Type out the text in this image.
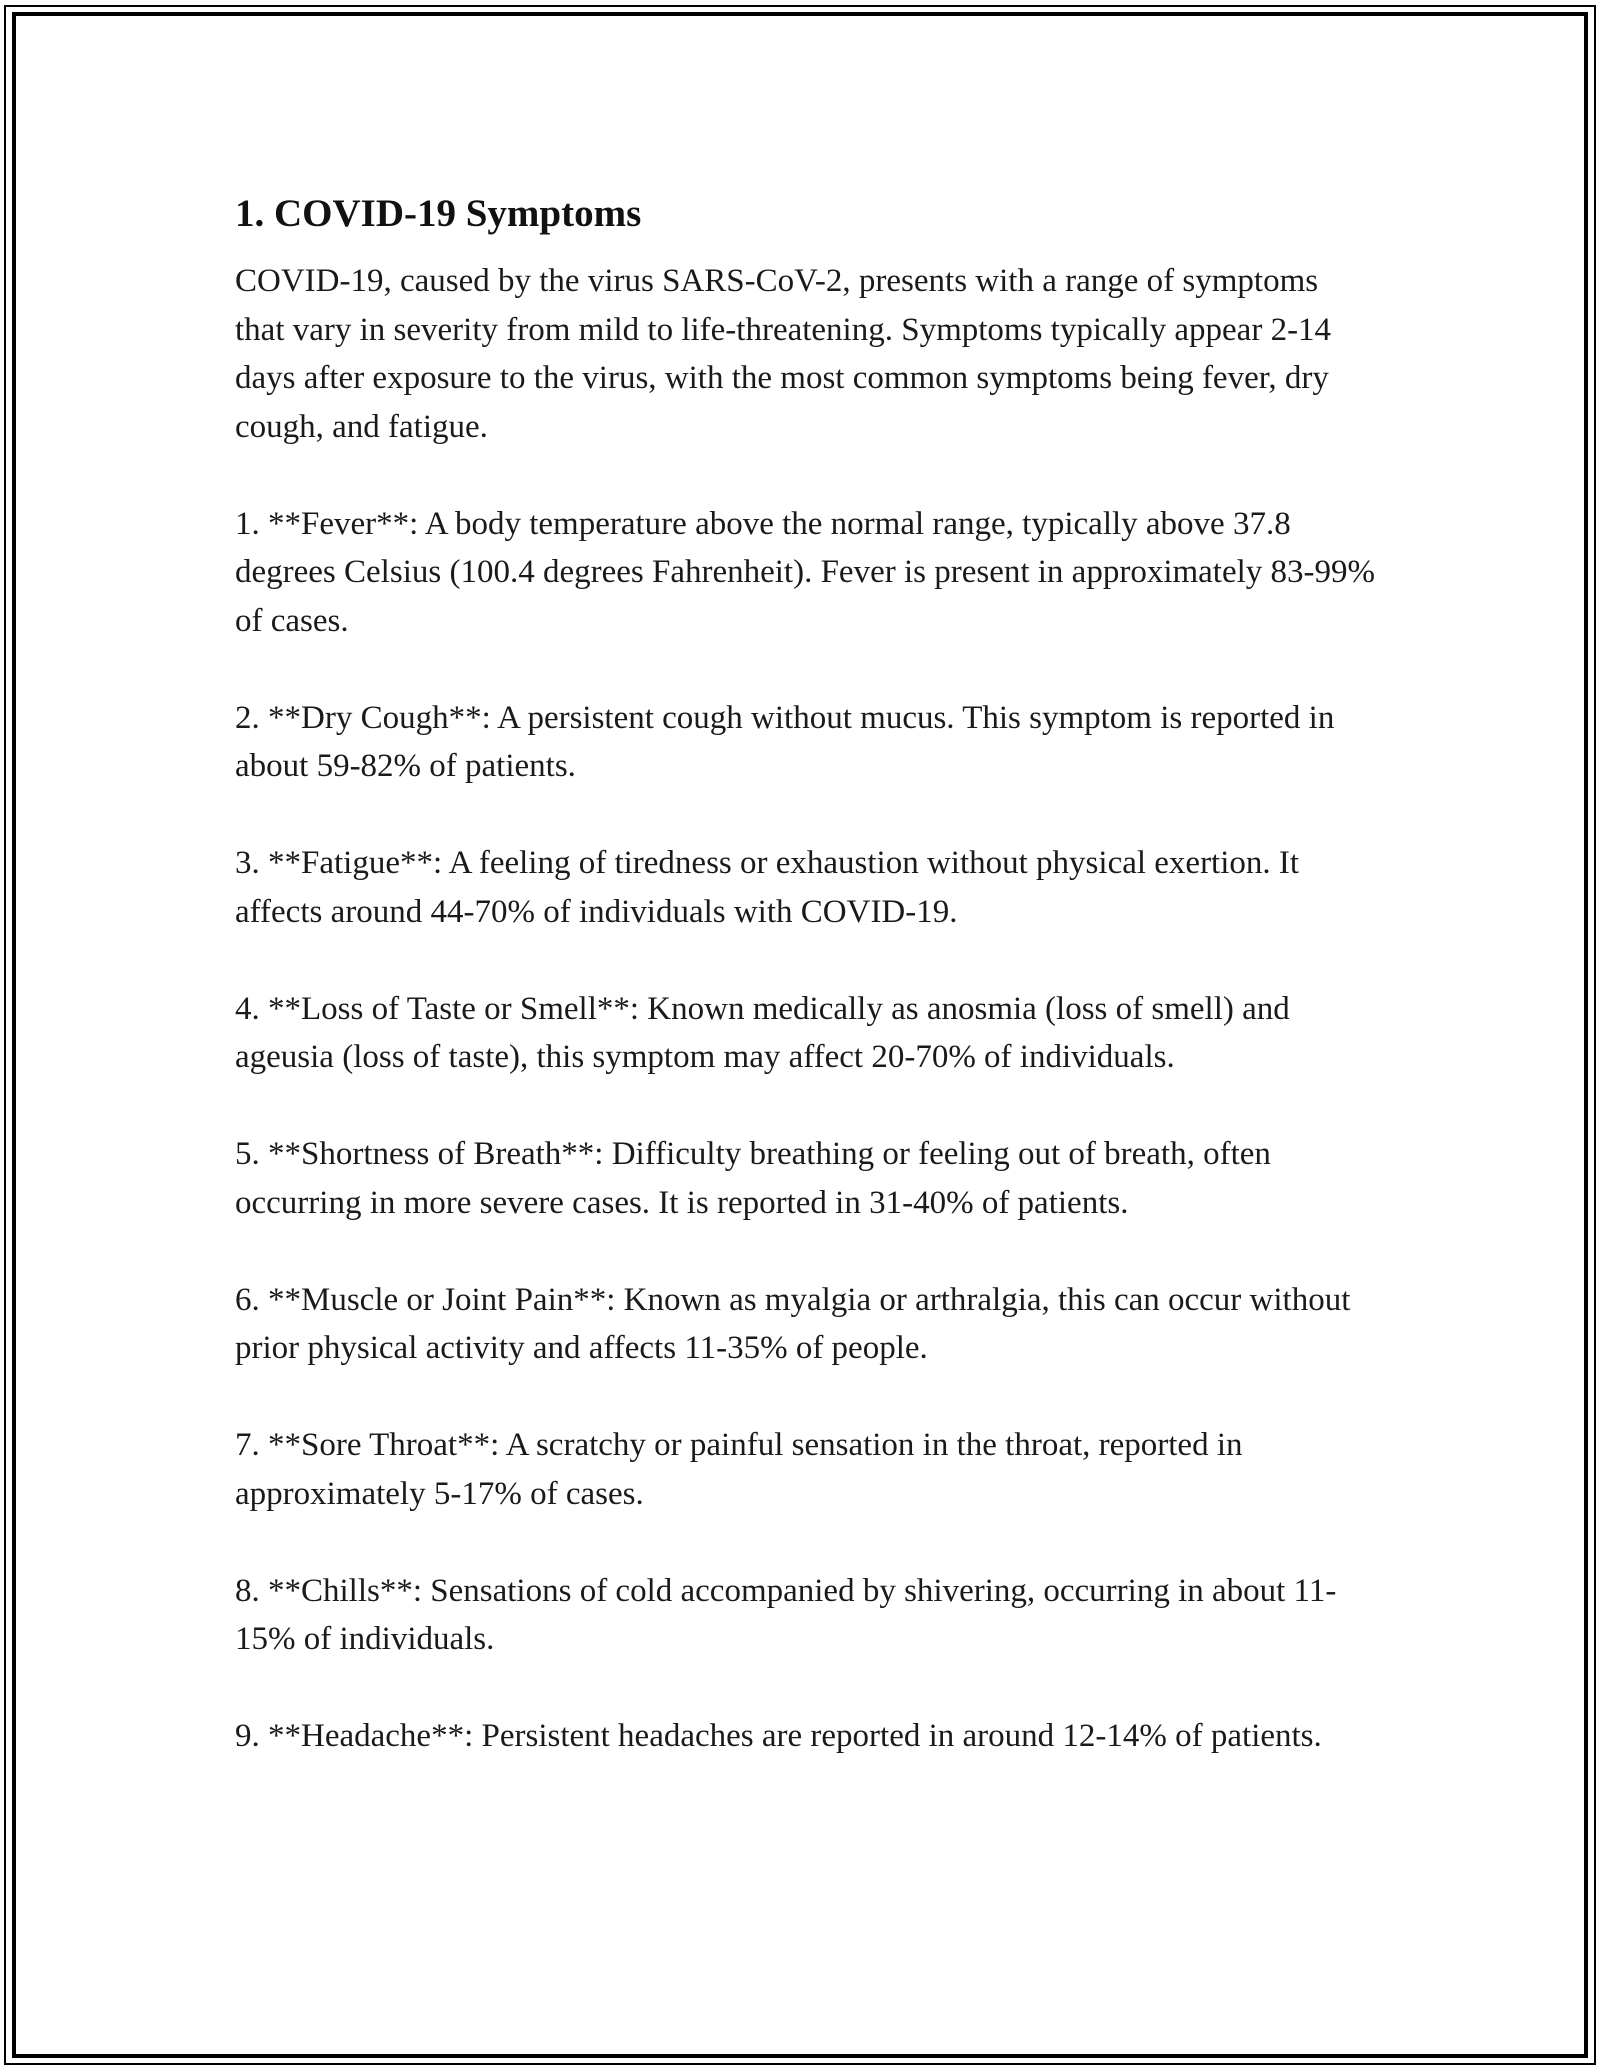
1. COVID-19 Symptoms

COVID-19, caused by the virus SARS-CoV-2, presents with a range of symptoms that vary in severity from mild to life-threatening. Symptoms typically appear 2-14 days after exposure to the virus, with the most common symptoms being fever, dry cough, and fatigue.

1. **Fever**: A body temperature above the normal range, typically above 37.8 degrees Celsius (100.4 degrees Fahrenheit). Fever is present in approximately 83-99% of cases.

2. **Dry Cough**: A persistent cough without mucus. This symptom is reported in about 59-82% of patients.

3. **Fatigue**: A feeling of tiredness or exhaustion without physical exertion. It affects around 44-70% of individuals with COVID-19.

4. **Loss of Taste or Smell**: Known medically as anosmia (loss of smell) and ageusia (loss of taste), this symptom may affect 20-70% of individuals.

5. **Shortness of Breath**: Difficulty breathing or feeling out of breath, often occurring in more severe cases. It is reported in 31-40% of patients.

6. **Muscle or Joint Pain**: Known as myalgia or arthralgia, this can occur without prior physical activity and affects 11-35% of people.

7. **Sore Throat**: A scratchy or painful sensation in the throat, reported in approximately 5-17% of cases.

8. **Chills**: Sensations of cold accompanied by shivering, occurring in about 11-15% of individuals.

9. **Headache**: Persistent headaches are reported in around 12-14% of patients.
